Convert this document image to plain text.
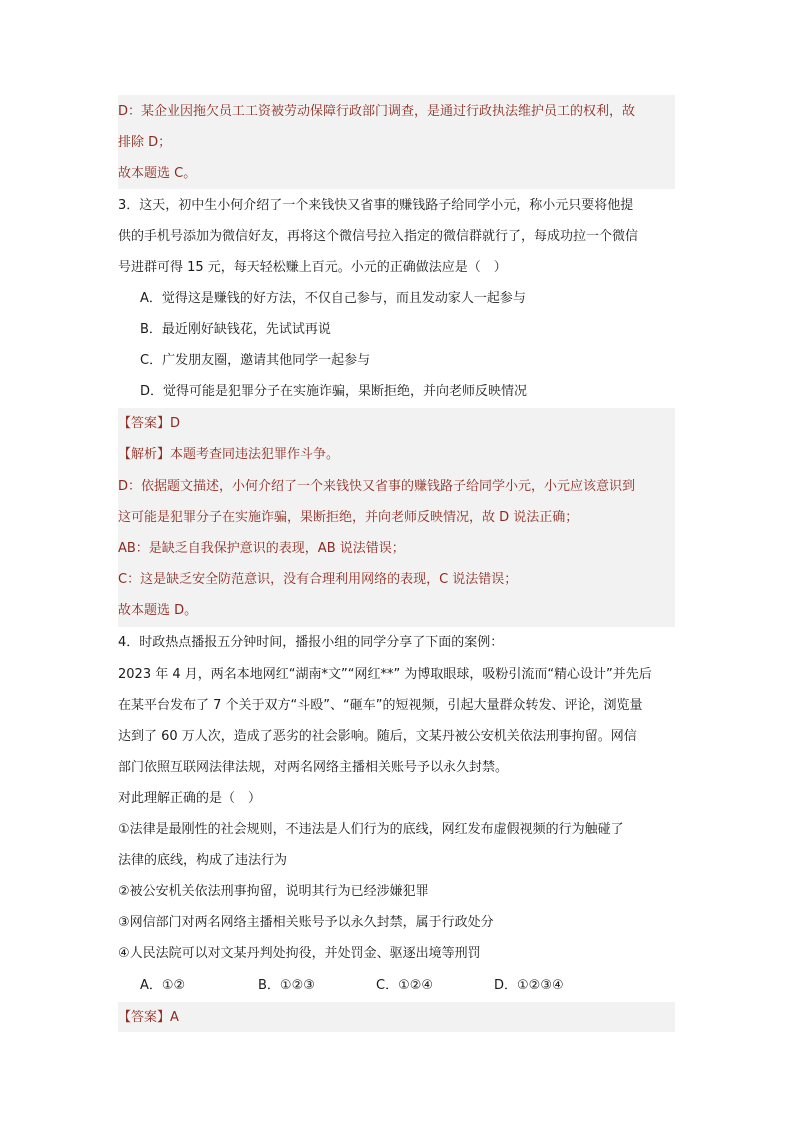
D：某企业因拖欠员工工资被劳动保障行政部门调查，是通过行政执法维护员工的权利，故
排除 D；
故本题选 C。
3．这天，初中生小何介绍了一个来钱快又省事的赚钱路子给同学小元，称小元只要将他提
供的手机号添加为微信好友，再将这个微信号拉入指定的微信群就行了，每成功拉一个微信
号进群可得 15 元，每天轻松赚上百元。小元的正确做法应是（　）
A．觉得这是赚钱的好方法，不仅自己参与，而且发动家人一起参与
B．最近刚好缺钱花，先试试再说
C．广发朋友圈，邀请其他同学一起参与
D．觉得可能是犯罪分子在实施诈骗，果断拒绝，并向老师反映情况
【答案】D
【解析】本题考查同违法犯罪作斗争。
D：依据题文描述，小何介绍了一个来钱快又省事的赚钱路子给同学小元，小元应该意识到
这可能是犯罪分子在实施诈骗，果断拒绝，并向老师反映情况，故 D 说法正确；
AB：是缺乏自我保护意识的表现，AB 说法错误；
C：这是缺乏安全防范意识，没有合理利用网络的表现，C 说法错误；
故本题选 D。
4．时政热点播报五分钟时间，播报小组的同学分享了下面的案例：
2023 年 4 月，两名本地网红“湖南*文”“网红**” 为博取眼球，吸粉引流而“精心设计”并先后
在某平台发布了 7 个关于双方“斗殴”、“砸车”的短视频，引起大量群众转发、评论，浏览量
达到了 60 万人次，造成了恶劣的社会影响。随后，文某丹被公安机关依法刑事拘留。网信
部门依照互联网法律法规，对两名网络主播相关账号予以永久封禁。
对此理解正确的是（　）
①法律是最刚性的社会规则，不违法是人们行为的底线，网红发布虚假视频的行为触碰了
法律的底线，构成了违法行为
②被公安机关依法刑事拘留，说明其行为已经涉嫌犯罪
③网信部门对两名网络主播相关账号予以永久封禁，属于行政处分
④人民法院可以对文某丹判处拘役，并处罚金、驱逐出境等刑罚
A．①②	B．①②③	C．①②④	D．①②③④
【答案】A
